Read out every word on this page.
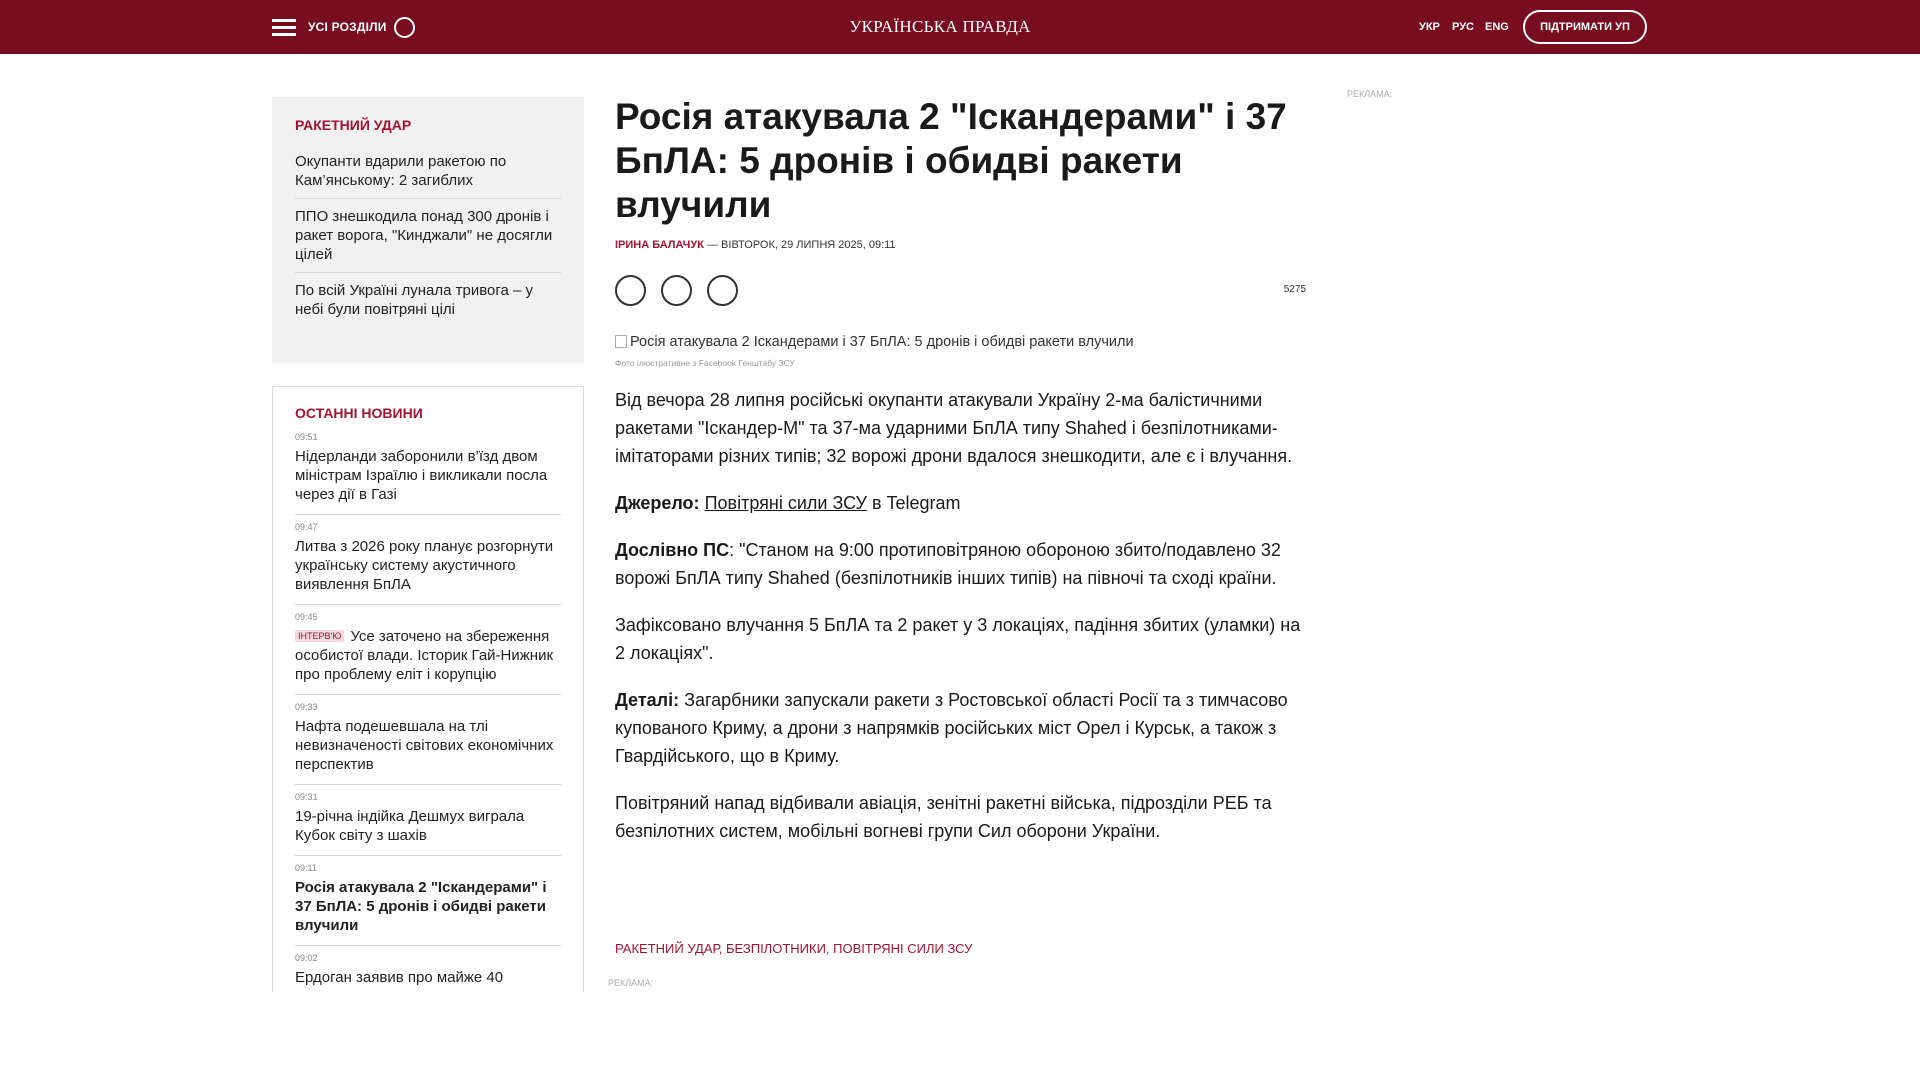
УСІ РОЗДІЛИ	УКРАЇНСЬКА ПРАВДА	УКР РУС ENG	ПІДТРИМАТИ УП
РАКЕТНИЙ УДАР
Окупанти вдарили ракетою по Кам’янському: 2 загиблих
ППО знешкодила понад 300 дронів і ракет ворога, "Кинджали" не досягли цілей
По всій Україні лунала тривога – у небі були повітряні цілі
ОСТАННІ НОВИНИ
09:51
Нідерланди заборонили в’їзд двом міністрам Ізраїлю і викликали посла через дії в Газі
09:47
Литва з 2026 року планує розгорнути українську систему акустичного виявлення БпЛА
09:45
ІНТЕРВ'Ю Усе заточено на збереження особистої влади. Історик Гай-Нижник про проблему еліт і корупцію
09:33
Нафта подешевшала на тлі невизначеності світових економічних перспектив
09:31
19-річна індійка Дешмух виграла Кубок світу з шахів
09:11
Росія атакувала 2 "Іскандерами" і 37 БпЛА: 5 дронів і обидві ракети влучили
09:02
Ердоган заявив про майже 40
Росія атакувала 2 "Іскандерами" і 37 БпЛА: 5 дронів і обидві ракети влучили
ІРИНА БАЛАЧУК — ВІВТОРОК, 29 ЛИПНЯ 2025, 09:11
5275
Росія атакувала 2 Іскандерами і 37 БпЛА: 5 дронів і обидві ракети влучили
Фото ілюстративне з Facebook Генштабу ЗСУ

Від вечора 28 липня російські окупанти атакували Україну 2-ма балістичними ракетами "Іскандер-М" та 37-ма ударними БпЛА типу Shahed і безпілотниками-імітаторами різних типів; 32 ворожі дрони вдалося знешкодити, але є і влучання.

Джерело: Повітряні сили ЗСУ в Telegram

Дослівно ПС: "Станом на 9:00 протиповітряною обороною збито/подавлено 32 ворожі БпЛА типу Shahed (безпілотників інших типів) на півночі та сході країни.

Зафіксовано влучання 5 БпЛА та 2 ракет у 3 локаціях, падіння збитих (уламки) на 2 локаціях".

Деталі: Загарбники запускали ракети з Ростовської області Росії та з тимчасово купованого Криму, а дрони з напрямків російських міст Орел і Курськ, а також з Гвардійського, що в Криму.

Повітряний напад відбивали авіація, зенітні ракетні війська, підрозділи РЕБ та безпілотних систем, мобільні вогневі групи Сил оборони України.

РАКЕТНИЙ УДАР, БЕЗПІЛОТНИКИ, ПОВІТРЯНІ СИЛИ ЗСУ
РЕКЛАМА:
РЕКЛАМА:
